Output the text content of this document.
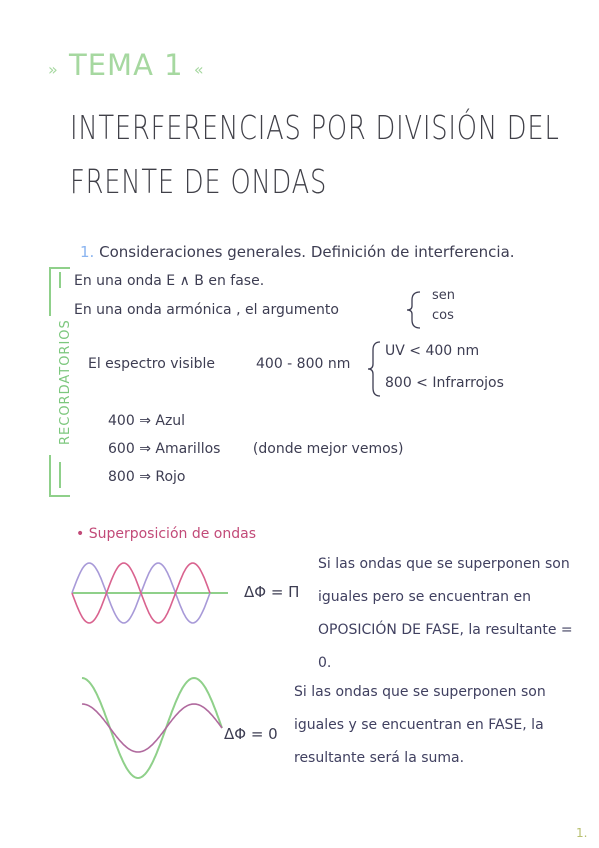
» TEMA 1 «
INTERFERENCIAS POR DIVISIÓN DEL
FRENTE DE ONDAS
1. Consideraciones generales. Definición de interferencia.
RECORDATORIOS
En una onda E ∧ B en fase.
En una onda armónica , el argumento
sen
cos
El espectro visible	400 - 800 nm
UV < 400 nm
800 < Infrarrojos
400 ⇒ Azul
600 ⇒ Amarillos (donde mejor vemos)
800 ⇒ Rojo
• Superposición de ondas
ΔΦ = Π
Si las ondas que se superponen son iguales pero se encuentran en OPOSICIÓN DE FASE, la resultante = 0.
ΔΦ = 0
Si las ondas que se superponen son iguales y se encuentran en FASE, la resultante será la suma.
1.
